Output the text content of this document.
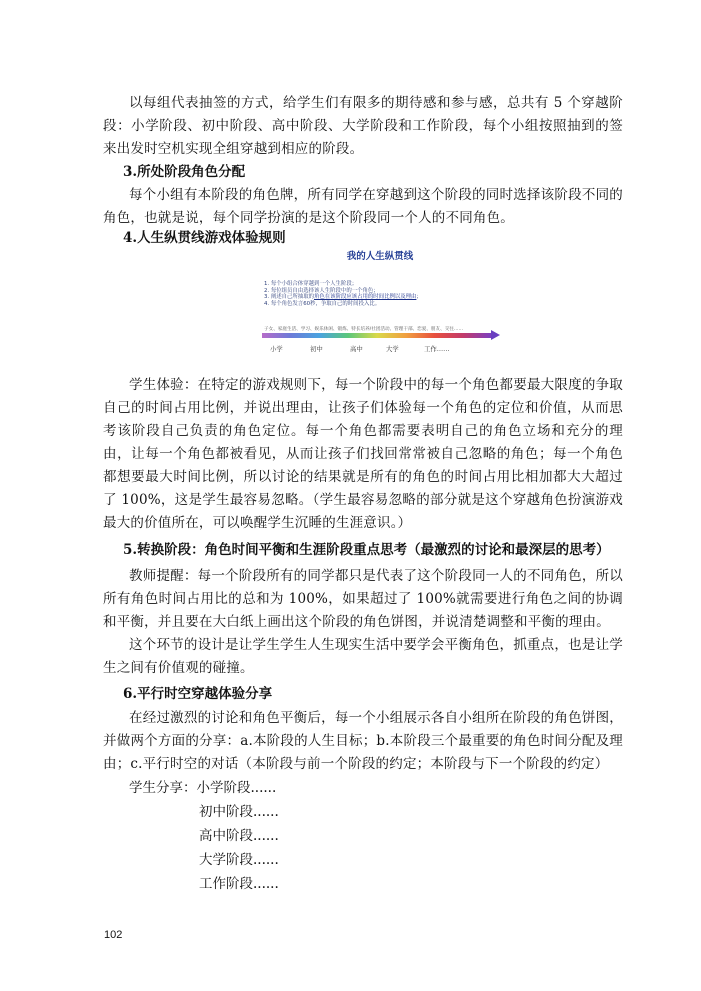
以每组代表抽签的方式，给学生们有限多的期待感和参与感，总共有 5 个穿越阶段：小学阶段、初中阶段、高中阶段、大学阶段和工作阶段，每个小组按照抽到的签来出发时空机实现全组穿越到相应的阶段。

3.所处阶段角色分配

每个小组有本阶段的角色牌，所有同学在穿越到这个阶段的同时选择该阶段不同的角色，也就是说，每个同学扮演的是这个阶段同一个人的不同角色。

4.人生纵贯线游戏体验规则

我的人生纵贯线
1. 每个小组合体穿越到一个人生阶段；
2. 每位组员自由选择该人生阶段中的一个角色；
3. 阐述自己所抽取的角色在该阶段应该占用的时间比例以及理由；
4. 每个角色发言60秒，争取自己的时间投入比。
子女、家庭生活、学习、娱乐休闲、锻炼、特长培养/社团活动、管理干部、恋爱、朋友、交往……
小学	初中	高中	大学	工作……

学生体验：在特定的游戏规则下，每一个阶段中的每一个角色都要最大限度的争取自己的时间占用比例，并说出理由，让孩子们体验每一个角色的定位和价值，从而思考该阶段自己负责的角色定位。每一个角色都需要表明自己的角色立场和充分的理由，让每一个角色都被看见，从而让孩子们找回常常被自己忽略的角色；每一个角色都想要最大时间比例，所以讨论的结果就是所有的角色的时间占用比相加都大大超过了 100%，这是学生最容易忽略。（学生最容易忽略的部分就是这个穿越角色扮演游戏最大的价值所在，可以唤醒学生沉睡的生涯意识。）

5.转换阶段：角色时间平衡和生涯阶段重点思考（最激烈的讨论和最深层的思考）

教师提醒：每一个阶段所有的同学都只是代表了这个阶段同一人的不同角色，所以所有角色时间占用比的总和为 100%，如果超过了 100%就需要进行角色之间的协调和平衡，并且要在大白纸上画出这个阶段的角色饼图，并说清楚调整和平衡的理由。

这个环节的设计是让学生学生人生现实生活中要学会平衡角色，抓重点，也是让学生之间有价值观的碰撞。

6.平行时空穿越体验分享

在经过激烈的讨论和角色平衡后，每一个小组展示各自小组所在阶段的角色饼图，并做两个方面的分享：a.本阶段的人生目标；b.本阶段三个最重要的角色时间分配及理由；c.平行时空的对话（本阶段与前一个阶段的约定；本阶段与下一个阶段的约定）

学生分享：小学阶段......
初中阶段......
高中阶段......
大学阶段......
工作阶段......
102
